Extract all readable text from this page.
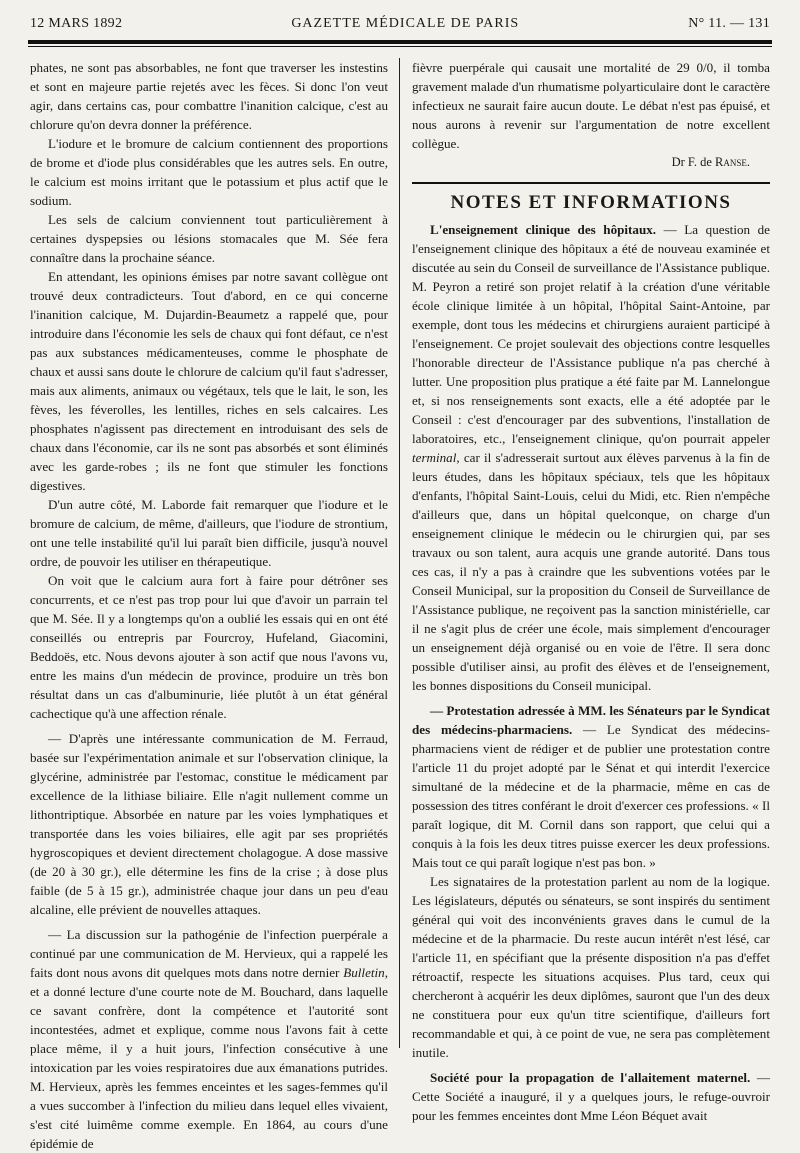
12 MARS 1892	GAZETTE MÉDICALE DE PARIS	N° 11. — 131

phates, ne sont pas absorbables, ne font que traverser les instestins et sont en majeure partie rejetés avec les fèces. Si donc l'on veut agir, dans certains cas, pour combattre l'inanition calcique, c'est au chlorure qu'on devra donner la préférence.

L'iodure et le bromure de calcium contiennent des proportions de brome et d'iode plus considérables que les autres sels. En outre, le calcium est moins irritant que le potassium et plus actif que le sodium.

Les sels de calcium conviennent tout particulièrement à certaines dyspepsies ou lésions stomacales que M. Sée fera connaître dans la prochaine séance.

En attendant, les opinions émises par notre savant collègue ont trouvé deux contradicteurs. Tout d'abord, en ce qui concerne l'inanition calcique, M. Dujardin-Beaumetz a rappelé que, pour introduire dans l'économie les sels de chaux qui font défaut, ce n'est pas aux substances médicamenteuses, comme le phosphate de chaux et aussi sans doute le chlorure de calcium qu'il faut s'adresser, mais aux aliments, animaux ou végétaux, tels que le lait, le son, les fèves, les féverolles, les lentilles, riches en sels calcaires. Les phosphates n'agissent pas directement en introduisant des sels de chaux dans l'économie, car ils ne sont pas absorbés et sont éliminés avec les garde-robes ; ils ne font que stimuler les fonctions digestives.

D'un autre côté, M. Laborde fait remarquer que l'iodure et le bromure de calcium, de même, d'ailleurs, que l'iodure de strontium, ont une telle instabilité qu'il lui paraît bien difficile, jusqu'à nouvel ordre, de pouvoir les utiliser en thérapeutique.

On voit que le calcium aura fort à faire pour détrôner ses concurrents, et ce n'est pas trop pour lui que d'avoir un parrain tel que M. Sée. Il y a longtemps qu'on a oublié les essais qui en ont été conseillés ou entrepris par Fourcroy, Hufeland, Giacomini, Beddoës, etc. Nous devons ajouter à son actif que nous l'avons vu, entre les mains d'un médecin de province, produire un très bon résultat dans un cas d'albuminurie, liée plutôt à un état général cachectique qu'à une affection rénale.

— D'après une intéressante communication de M. Ferraud, basée sur l'expérimentation animale et sur l'observation clinique, la glycérine, administrée par l'estomac, constitue le médicament par excellence de la lithiase biliaire. Elle n'agit nullement comme un lithontriptique. Absorbée en nature par les voies lymphatiques et transportée dans les voies biliaires, elle agit par ses propriétés hygroscopiques et devient directement cholagogue. A dose massive (de 20 à 30 gr.), elle détermine les fins de la crise ; à dose plus faible (de 5 à 15 gr.), administrée chaque jour dans un peu d'eau alcaline, elle prévient de nouvelles attaques.

— La discussion sur la pathogénie de l'infection puerpérale a continué par une communication de M. Hervieux, qui a rappelé les faits dont nous avons dit quelques mots dans notre dernier Bulletin, et a donné lecture d'une courte note de M. Bouchard, dans laquelle ce savant confrère, dont la compétence et l'autorité sont incontestées, admet et explique, comme nous l'avons fait à cette place même, il y a huit jours, l'infection consécutive à une intoxication par les voies respiratoires due aux émanations putrides. M. Hervieux, après les femmes enceintes et les sages-femmes qu'il a vues succomber à l'infection du milieu dans lequel elles vivaient, s'est cité luimême comme exemple. En 1864, au cours d'une épidémie de

fièvre puerpérale qui causait une mortalité de 29 0/0, il tomba gravement malade d'un rhumatisme polyarticulaire dont le caractère infectieux ne saurait faire aucun doute. Le débat n'est pas épuisé, et nous aurons à revenir sur l'argumentation de notre excellent collègue.

Dr F. de Ranse.

NOTES ET INFORMATIONS

L'enseignement clinique des hôpitaux. — La question de l'enseignement clinique des hôpitaux a été de nouveau examinée et discutée au sein du Conseil de surveillance de l'Assistance publique. M. Peyron a retiré son projet relatif à la création d'une véritable école clinique limitée à un hôpital, l'hôpital Saint-Antoine, par exemple, dont tous les médecins et chirurgiens auraient participé à l'enseignement. Ce projet soulevait des objections contre lesquelles l'honorable directeur de l'Assistance publique n'a pas cherché à lutter. Une proposition plus pratique a été faite par M. Lannelongue et, si nos renseignements sont exacts, elle a été adoptée par le Conseil : c'est d'encourager par des subventions, l'installation de laboratoires, etc., l'enseignement clinique, qu'on pourrait appeler terminal, car il s'adresserait surtout aux élèves parvenus à la fin de leurs études, dans les hôpitaux spéciaux, tels que les hôpitaux d'enfants, l'hôpital Saint-Louis, celui du Midi, etc. Rien n'empêche d'ailleurs que, dans un hôpital quelconque, on charge d'un enseignement clinique le médecin ou le chirurgien qui, par ses travaux ou son talent, aura acquis une grande autorité. Dans tous ces cas, il n'y a pas à craindre que les subventions votées par le Conseil Municipal, sur la proposition du Conseil de Surveillance de l'Assistance publique, ne reçoivent pas la sanction ministérielle, car il ne s'agit plus de créer une école, mais simplement d'encourager un enseignement déjà organisé ou en voie de l'être. Il sera donc possible d'utiliser ainsi, au profit des élèves et de l'enseignement, les bonnes dispositions du Conseil municipal.

— Protestation adressée à MM. les Sénateurs par le Syndicat des médecins-pharmaciens. — Le Syndicat des médecins-pharmaciens vient de rédiger et de publier une protestation contre l'article 11 du projet adopté par le Sénat et qui interdit l'exercice simultané de la médecine et de la pharmacie, même en cas de possession des titres conférant le droit d'exercer ces professions. « Il paraît logique, dit M. Cornil dans son rapport, que celui qui a conquis à la fois les deux titres puisse exercer les deux professions. Mais tout ce qui paraît logique n'est pas bon. »

Les signataires de la protestation parlent au nom de la logique. Les législateurs, députés ou sénateurs, se sont inspirés du sentiment général qui voit des inconvénients graves dans le cumul de la médecine et de la pharmacie. Du reste aucun intérêt n'est lésé, car l'article 11, en spécifiant que la présente disposition n'a pas d'effet rétroactif, respecte les situations acquises. Plus tard, ceux qui chercheront à acquérir les deux diplômes, sauront que l'un des deux ne constituera pour eux qu'un titre scientifique, d'ailleurs fort recommandable et qui, à ce point de vue, ne sera pas complètement inutile.

Société pour la propagation de l'allaitement maternel. — Cette Société a inauguré, il y a quelques jours, le refuge-ouvroir pour les femmes enceintes dont Mme Léon Béquet avait
